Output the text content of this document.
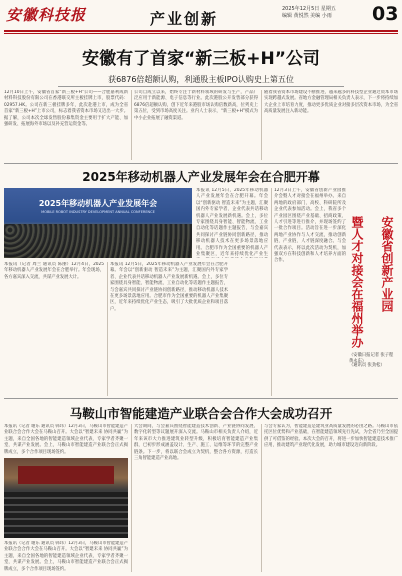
安徽科技报	产业创新
2025年12月5日 星期五
编辑 黄悦然 美编 小雨	03
安徽有了首家“新三板+H”公司
获6876倍超额认购，利通股主板IPO认购史上第五位
12月10日上午，安徽省首家“新三板+H”公司——合肥嘉利成新材料科技股份有限公司在香港联交所主板挂牌上市，股票代码：02957.HK。公司在新三板挂牌多年，此次赴港上市，成为全省首家“新三板+H”上市公司，标志着我省资本市场又迈出一大步。据了解，公司本次全球发售股份募集资金主要用于扩大产能、加强研发、拓展海外市场以及补充营运资金等。
公司自成立以来，始终专注于新材料领域的研发与生产，产品广泛应用于新能源、电子信息等行业。此次港股公开发售部分获得6876倍超额认购，创下近年来港股市场认购倍数新高，位列史上第五位，受到市场高度关注。业内人士表示，“新三板+H”模式为中小企业拓展了融资渠道。
随着我省资本市场建设不断推进，越来越多的科技型企业通过资本市场实现跨越式发展。省地方金融管理局相关负责人表示，下一步将持续加大企业上市培育力度，推动更多优质企业对接多层次资本市场，为全省高质量发展注入新动能。
2025年移动机器人产业发展年会在合肥开幕
2025年移动机器人产业发展年会
MOBILE ROBOT INDUSTRY DEVELOPMENT ANNUAL CONFERENCE
本报讯（记者 周兰 通讯员 陈丽）12月4日，2025年移动机器人产业发展年会在合肥举行。年会现场，各方嘉宾深入交流，共谋产业发展大计。
本报讯 12月5日，2025年移动机器人产业发展年会在合肥开幕。年会以“创新驱动 智造未来”为主题，汇聚国内外专家学者、企业代表共话移动机器人产业发展新机遇。会上，多位专家围绕具身智能、智能物流、工业自动化等话题作主题报告，与会嘉宾共同探讨产业链协同创新路径，推动移动机器人技术在更多场景落地应用。合肥市作为全国重要的机器人产业集聚区，近年来持续优化产业生态，吸引了大批优质企业和项目落户。
本报讯 12月5日，2025年移动机器人产业发展年会在合肥开幕。年会以“创新驱动 智造未来”为主题，汇聚国内外专家学者、企业代表共话移动机器人产业发展新机遇。会上，多位专家围绕具身智能、智能物流、工业自动化等话题作主题报告，与会嘉宾共同探讨产业链协同创新路径，推动移动机器人技术在更多场景落地应用。合肥市作为全国重要的机器人产业集聚区，近年来持续优化产业生
12月3日上午，安徽省创新产业园推介会暨人才对接会在福州举办。来自两地的政府部门、高校、科研院所及企业代表参加活动。会上，我省多个产业园区围绕产业基础、招商政策、人才引进等进行推介，并现场签约了一批合作项目。活动旨在进一步深化两地产业协作与人才交流，推动创新链、产业链、人才链深度融合。与会代表表示，将以此次活动为契机，加强双方在科技创新和人才培养方面的合作。	安徽省创新产业园
暨人才对接会在福州举办
（安徽日报记者 张子程 黄永东）
（通讯员 张劲松）
马鞍山市智能建造产业联合会合作大会成功召开
本报讯（记者 谢东 通讯员 韩玮）12月3日，马鞍山市智能建造产业联合会合作大会在马鞍山召开。大会以“智建未来 协同共赢”为主题，来自全国各地的智能建造领域企业代表、专家学者齐聚一堂，共谋产业发展。会上，马鞍山市智能建造产业联合会正式揭牌成立，多个合作项目现场签约。
本报讯（记者 谢东 通讯员 韩玮）12月3日，马鞍山市智能建造产业联合会合作大会在马鞍山召开。大会以“智建未来 协同共赢”为主题，来自全国各地的智能建造领域企业代表、专家学者齐聚一堂，共谋产业发展。会上，马鞍山市智能建造产业联合会正式揭牌成立，多个合作项目现场签约。
大会期间，与会嘉宾围绕智能建造技术创新、产业链协同发展、数字化转型等议题展开深入交流。马鞍山市相关负责人介绍，近年来该市大力推进建筑业转型升级，积极培育智能建造产业集群，已初步形成涵盖设计、生产、施工、运维等环节的完整产业链条。下一步，将以联合会成立为契机，整合各方资源，打造长三角智能建造产业高地。
与会专家认为，智能建造是建筑业高质量发展的必由之路。马鞍山市依托区位优势和产业基础，在智能建造领域先行先试，为全省乃至全国提供了可借鉴的经验。本次大会的召开，将进一步加快智能建造技术推广应用，推动建筑产业现代化发展，助力城市建设迈向新阶段。
